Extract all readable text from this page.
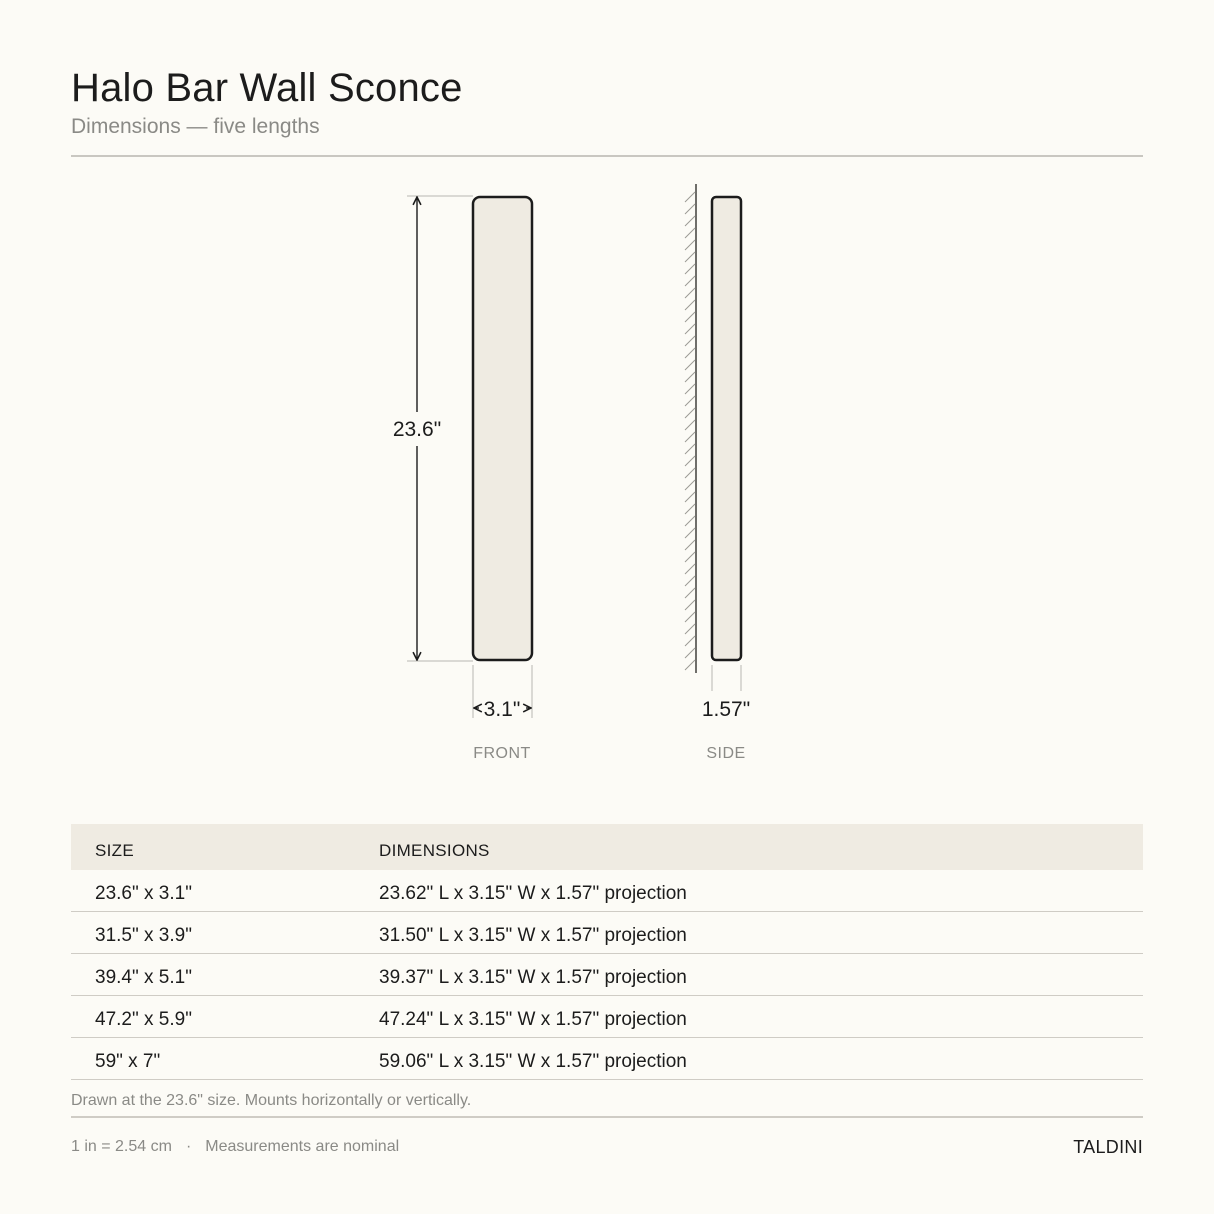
Halo Bar Wall Sconce
Dimensions — five lengths
23.6"
3.1"
FRONT
1.57"
SIDE
SIZE	DIMENSIONS
23.6" x 3.1"	23.62" L x 3.15" W x 1.57" projection
31.5" x 3.9"	31.50" L x 3.15" W x 1.57" projection
39.4" x 5.1"	39.37" L x 3.15" W x 1.57" projection
47.2" x 5.9"	47.24" L x 3.15" W x 1.57" projection
59" x 7"	59.06" L x 3.15" W x 1.57" projection
Drawn at the 23.6" size. Mounts horizontally or vertically.
1 in = 2.54 cm · Measurements are nominal	TALDINI
